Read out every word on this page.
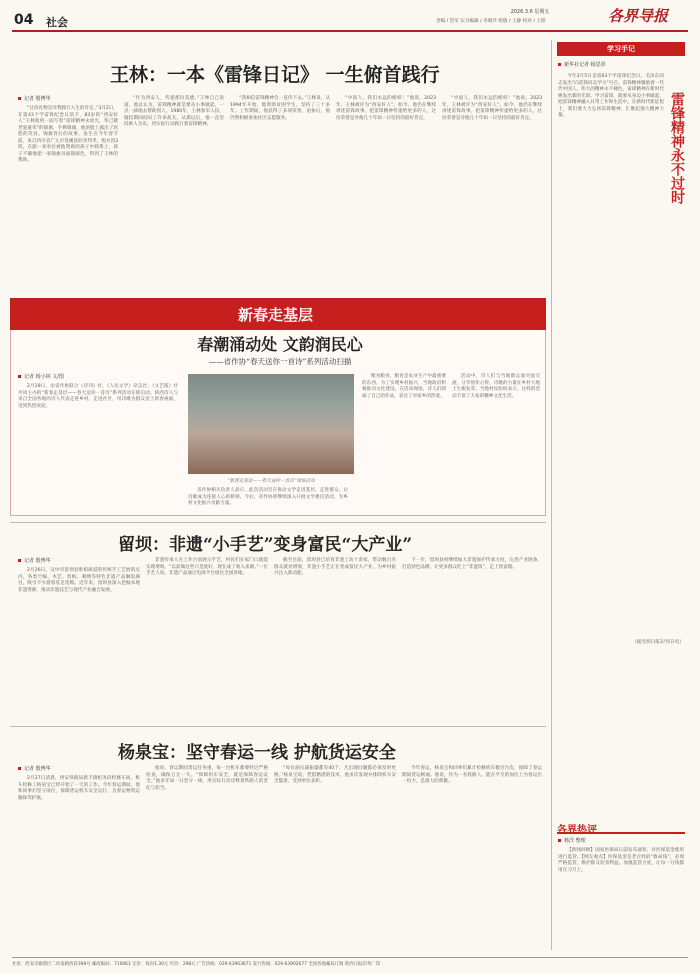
04 社会
2026.3.6 星期五
责编 / 贺军 实习编辑 / 李晓芹 组版 / 王静 校对 / 王昭	各界导报
王林：一本《雷锋日记》 一生俯首践行
记者 殷博华

“这份礼物是对我践行入生的肯定。”3月2日，在第43个学雷锋纪念日前夕，83岁的“西安好人”王林收到一面写着“雷锋精神永放光，奉己敬老爱兼邻”的锦旗，手捧锦旗，他的脸上露出了欣慰的笑容。锦旗背后的故事，发生在今年春节前。来自四川省广元市苍溪县的李邦孝，炮兵团3班，在跟一家单位被他资助的孩子中联系上，孩子不确地把一家锦旗书面锦颜色，得到了王林的帮助。

“作为西安人，传递那份美德。”王林自己说道。他总认为，雷锋精神就是要从小事做起，一点一滴地去帮助别人。1980年，王林参军入伍，服役期间结识了许多战友。从那以后，他一直坚持助人为乐，用实际行动践行着雷锋精神。

“我相信雷锋精神会一直传下去。”王林说，从1994年开始，他资助贫困学生，坚持了三十多年。工作期间，他获得了多项荣誉。退休后，他仍然积极参加社区志愿服务。

“中国人，我们永远的榜样！”他说。2023年，王林被评为“西安好人”。如今，他仍在继续讲述雷锋故事，把雷锋精神传递给更多的人。这份荣誉是对他几十年如一日坚持的最好肯定。

“中国人，我们永远的榜样！”他说。2023年，王林被评为“西安好人”。如今，他仍在继续讲述雷锋故事，把雷锋精神传递给更多的人。这份荣誉是对他几十年如一日坚持的最好肯定。

新春走基层
春潮涌动处 文韵润民心
——省作协“春天送你一首诗”系列活动扫描
记者 杨小林 文/图

2月28日，由省作协联合《诗刊》社、《人民文学》杂志社、《文艺报》社共同主办的“新春走基层——春天送你一首诗”系列活动在陕启动。陕西诗人与来自全国各地的诗人代表走进乡村、走进社区，用诗歌为群众送上新春祝福，受到热烈欢迎。

“新春走基层——春天送你一首诗”现场活动

粮食粮食，粮食是农业生产中最重要的东西。为了实现乡村振兴，当地政府积极推动文化建设，在活动现场，诗人们朗诵了自己的作品，表达了对家乡的热爱。

活动中，诗人们与当地群众面对面交流，分享创作心得，诗歌的力量在乡村大地上生根发芽。当地村民纷纷表示，这样的活动丰富了大家的精神文化生活。

省作协相关负责人表示，此次活动旨在推动文学走进基层，走进群众，让诗歌成为连接人心的桥梁。今后，省作协将继续深入开展文学惠民活动，为乡村文化振兴贡献力量。

留坝：非遗“小手艺”变身富民“大产业”
记者 殷博华

2月26日，汉中市留坝县紫柏街道的传统手工艺展销点内，各类竹编、木艺、剪纸、刺绣等特色非遗产品琳琅满目，吸引不少游客驻足选购。近年来，留坝县深入挖掘本地非遗资源，推动非遗技艺与现代产业融合发展。

非遗传承人在工作台前展示手艺，村民们在家门口就能实现增收。“以前做这些只是爱好，现在成了收入来源。”一位手艺人说。非遗产品通过电商平台销往全国各地。

截至目前，留坝县已培育非遗工坊十余家，带动数百名群众就业增收，非遗小手艺正在变成富民大产业，为乡村振兴注入新动能。

下一步，留坝县将继续加大非遗保护传承力度，完善产业链条，打造特色品牌，让更多群众吃上“非遗饭”，走上致富路。

杨泉宝：坚守春运一线 护航货运安全
记者 殷博华

2月27日清晨，西安铁路局新丰镇机务段检修车间，机车检修工杨泉宝已经开始了一天的工作。今年春运期间，他和同事们坚守岗位，保障货运机车安全运行，为春运物资运输保驾护航。

他说，春运期间货运任务重，每一台机车都要经过严格检查，确保万无一失。“保障机车安全，就是保障春运安全。”他多年如一日坚守一线，用实际行动诠释着铁路人的责任与担当。

“每台油压减振器都有40个，凡出现问题都必须及时更换。”杨泉宝说。凭借精湛的技术，他多次发现并排除机车安全隐患，受到单位表彰。

今年春运，杨泉宝和同事们累计检修机车数百台次，保障了春运期间货运畅通。他说，作为一名铁路人，能在平凡的岗位上为春运出一份力，是最大的骄傲。

学习手记
新华社记者 杨思彤
雷锋精神永不过时

今年3月5日是第63个学雷锋纪念日。毛泽东同志发出“向雷锋同志学习”号召，雷锋精神激励着一代代中国人。伟大的精神永不褪色，雷锋精神在新时代焕发出新的光彩。学习雷锋，就要从身边小事做起，把雷锋精神融入日常工作和生活中。在新时代新征程上，我们要大力弘扬雷锋精神，汇聚起强大精神力量。

（据光明日报3月5日电）
各界热评
杨洋 整理

【新闻回顾】国家医保局日前发布通知，对医保基金使用进行监管。【网友观点】医保基金是老百姓的“救命钱”，必须严格监管，维护群众切身利益。加强监管力度，让每一分钱都用在刀刃上。

社址：西安市雁塔区二环南路西段398号 邮政编码：710061 定价：每份1.30元 年价：298元 广告热线：029-63903671 发行热线：029-63902677 全国各地邮局订阅 陕西日报印务厂印
